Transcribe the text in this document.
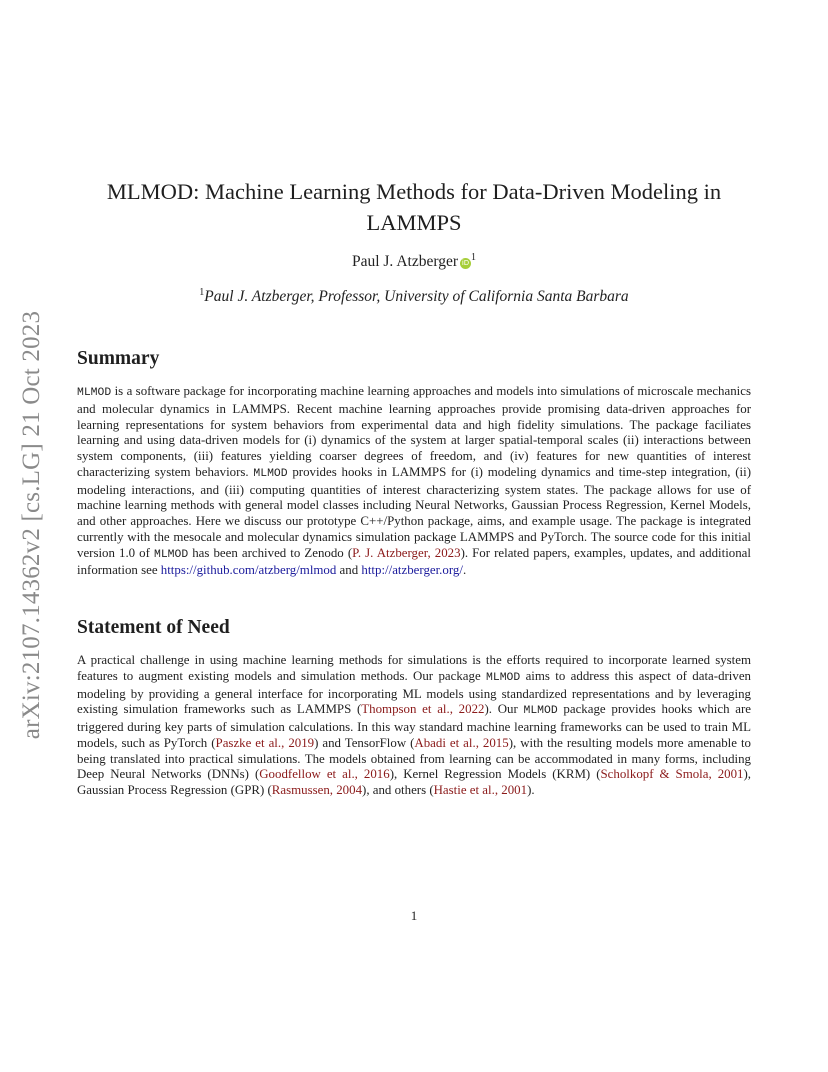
arXiv:2107.14362v2 [cs.LG] 21 Oct 2023
MLMOD: Machine Learning Methods for Data-Driven Modeling in LAMMPS
Paul J. Atzberger $iD^1$
$^1$Paul J. Atzberger, Professor, University of California Santa Barbara
Summary

MLMOD is a software package for incorporating machine learning approaches and models into simulations of microscale mechanics and molecular dynamics in LAMMPS. Recent machine learning approaches provide promising data-driven approaches for learning representations for system behaviors from experimental data and high fidelity simulations. The package faciliates learning and using data-driven models for (i) dynamics of the system at larger spatial-temporal scales (ii) interactions between system components, (iii) features yielding coarser degrees of freedom, and (iv) features for new quantities of interest characterizing system behaviors. MLMOD provides hooks in LAMMPS for (i) modeling dynamics and time-step integration, (ii) modeling interactions, and (iii) computing quantities of interest characterizing system states. The package allows for use of machine learning methods with general model classes including Neural Networks, Gaussian Process Regression, Kernel Models, and other approaches. Here we discuss our prototype C++/Python package, aims, and example usage. The package is integrated currently with the mesocale and molecular dynamics simulation package LAMMPS and PyTorch. The source code for this initial version 1.0 of MLMOD has been archived to Zenodo (P. J. Atzberger, 2023). For related papers, examples, updates, and additional information see https://github.com/atzberg/mlmod and http://atzberger.org/.

Statement of Need

A practical challenge in using machine learning methods for simulations is the efforts required to incorporate learned system features to augment existing models and simulation methods. Our package MLMOD aims to address this aspect of data-driven modeling by providing a general interface for incorporating ML models using standardized representations and by leveraging existing simulation frameworks such as LAMMPS (Thompson et al., 2022). Our MLMOD package provides hooks which are triggered during key parts of simulation calculations. In this way standard machine learning frameworks can be used to train ML models, such as PyTorch (Paszke et al., 2019) and TensorFlow (Abadi et al., 2015), with the resulting models more amenable to being translated into practical simulations. The models obtained from learning can be accommodated in many forms, including Deep Neural Networks (DNNs) (Goodfellow et al., 2016), Kernel Regression Models (KRM) (Scholkopf & Smola, 2001), Gaussian Process Regression (GPR) (Rasmussen, 2004), and others (Hastie et al., 2001).

1
